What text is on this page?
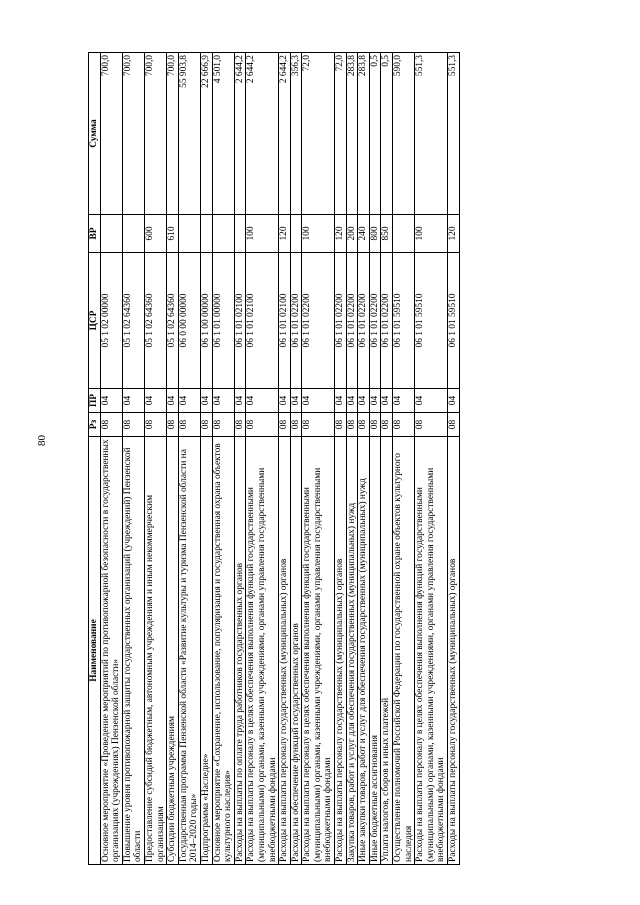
80
Наименование	Рз	ПР	ЦСР	ВР	Сумма
Основное мероприятие «Проведение мероприятий по противопожарной безопасности в государственных организациях (учреждениях) Пензенской области»	08	04	05 1 02 00000		700,0
Повышение уровня противопожарной защиты государственных организаций (учреждений) Пензенской области	08	04	05 1 02 64360		700,0
Предоставление субсидий бюджетным, автономным учреждениям и иным некоммерческим организациям	08	04	05 1 02 64360	600	700,0
Субсидии бюджетным учреждениям	08	04	05 1 02 64360	610	700,0
Государственная программа Пензенской области «Развитие культуры и туризма Пензенской области на 2014–2020 годы»	08	04	06 0 00 00000		55 903,8
Подпрограмма «Наследие»	08	04	06 1 00 00000		22 666,9
Основное мероприятие «Сохранение, использование, популяризация и государственная охрана объектов культурного наследия»	08	04	06 1 01 00000		4 501,0
Расходы на выплаты по оплате труда работников государственных органов	08	04	06 1 01 02100		2 644,2
Расходы на выплаты персоналу в целях обеспечения выполнения функций государственными (муниципальными) органами, казенными учреждениями, органами управления государственными внебюджетными фондами	08	04	06 1 01 02100	100	2 644,2
Расходы на выплаты персоналу государственных (муниципальных) органов	08	04	06 1 01 02100	120	2 644,2
Расходы на обеспечение функций государственных органов	08	04	06 1 01 02200		356,3
Расходы на выплаты персоналу в целях обеспечения выполнения функций государственными (муниципальными) органами, казенными учреждениями, органами управления государственными внебюджетными фондами	08	04	06 1 01 02200	100	72,0
Расходы на выплаты персоналу государственных (муниципальных) органов	08	04	06 1 01 02200	120	72,0
Закупка товаров, работ и услуг для обеспечения государственных (муниципальных) нужд	08	04	06 1 01 02200	200	283,8
Иные закупки товаров, работ и услуг для обеспечения государственных (муниципальных) нужд	08	04	06 1 01 02200	240	283,8
Иные бюджетные ассигнования	08	04	06 1 01 02200	800	0,5
Уплата налогов, сборов и иных платежей	08	04	06 1 01 02200	850	0,5
Осуществление полномочий Российской Федерации по государственной охране объектов культурного наследия	08	04	06 1 01 59510		590,0
Расходы на выплаты персоналу в целях обеспечения выполнения функций государственными (муниципальными) органами, казенными учреждениями, органами управления государственными внебюджетными фондами	08	04	06 1 01 59510	100	551,3
Расходы на выплаты персоналу государственных (муниципальных) органов	08	04	06 1 01 59510	120	551,3
